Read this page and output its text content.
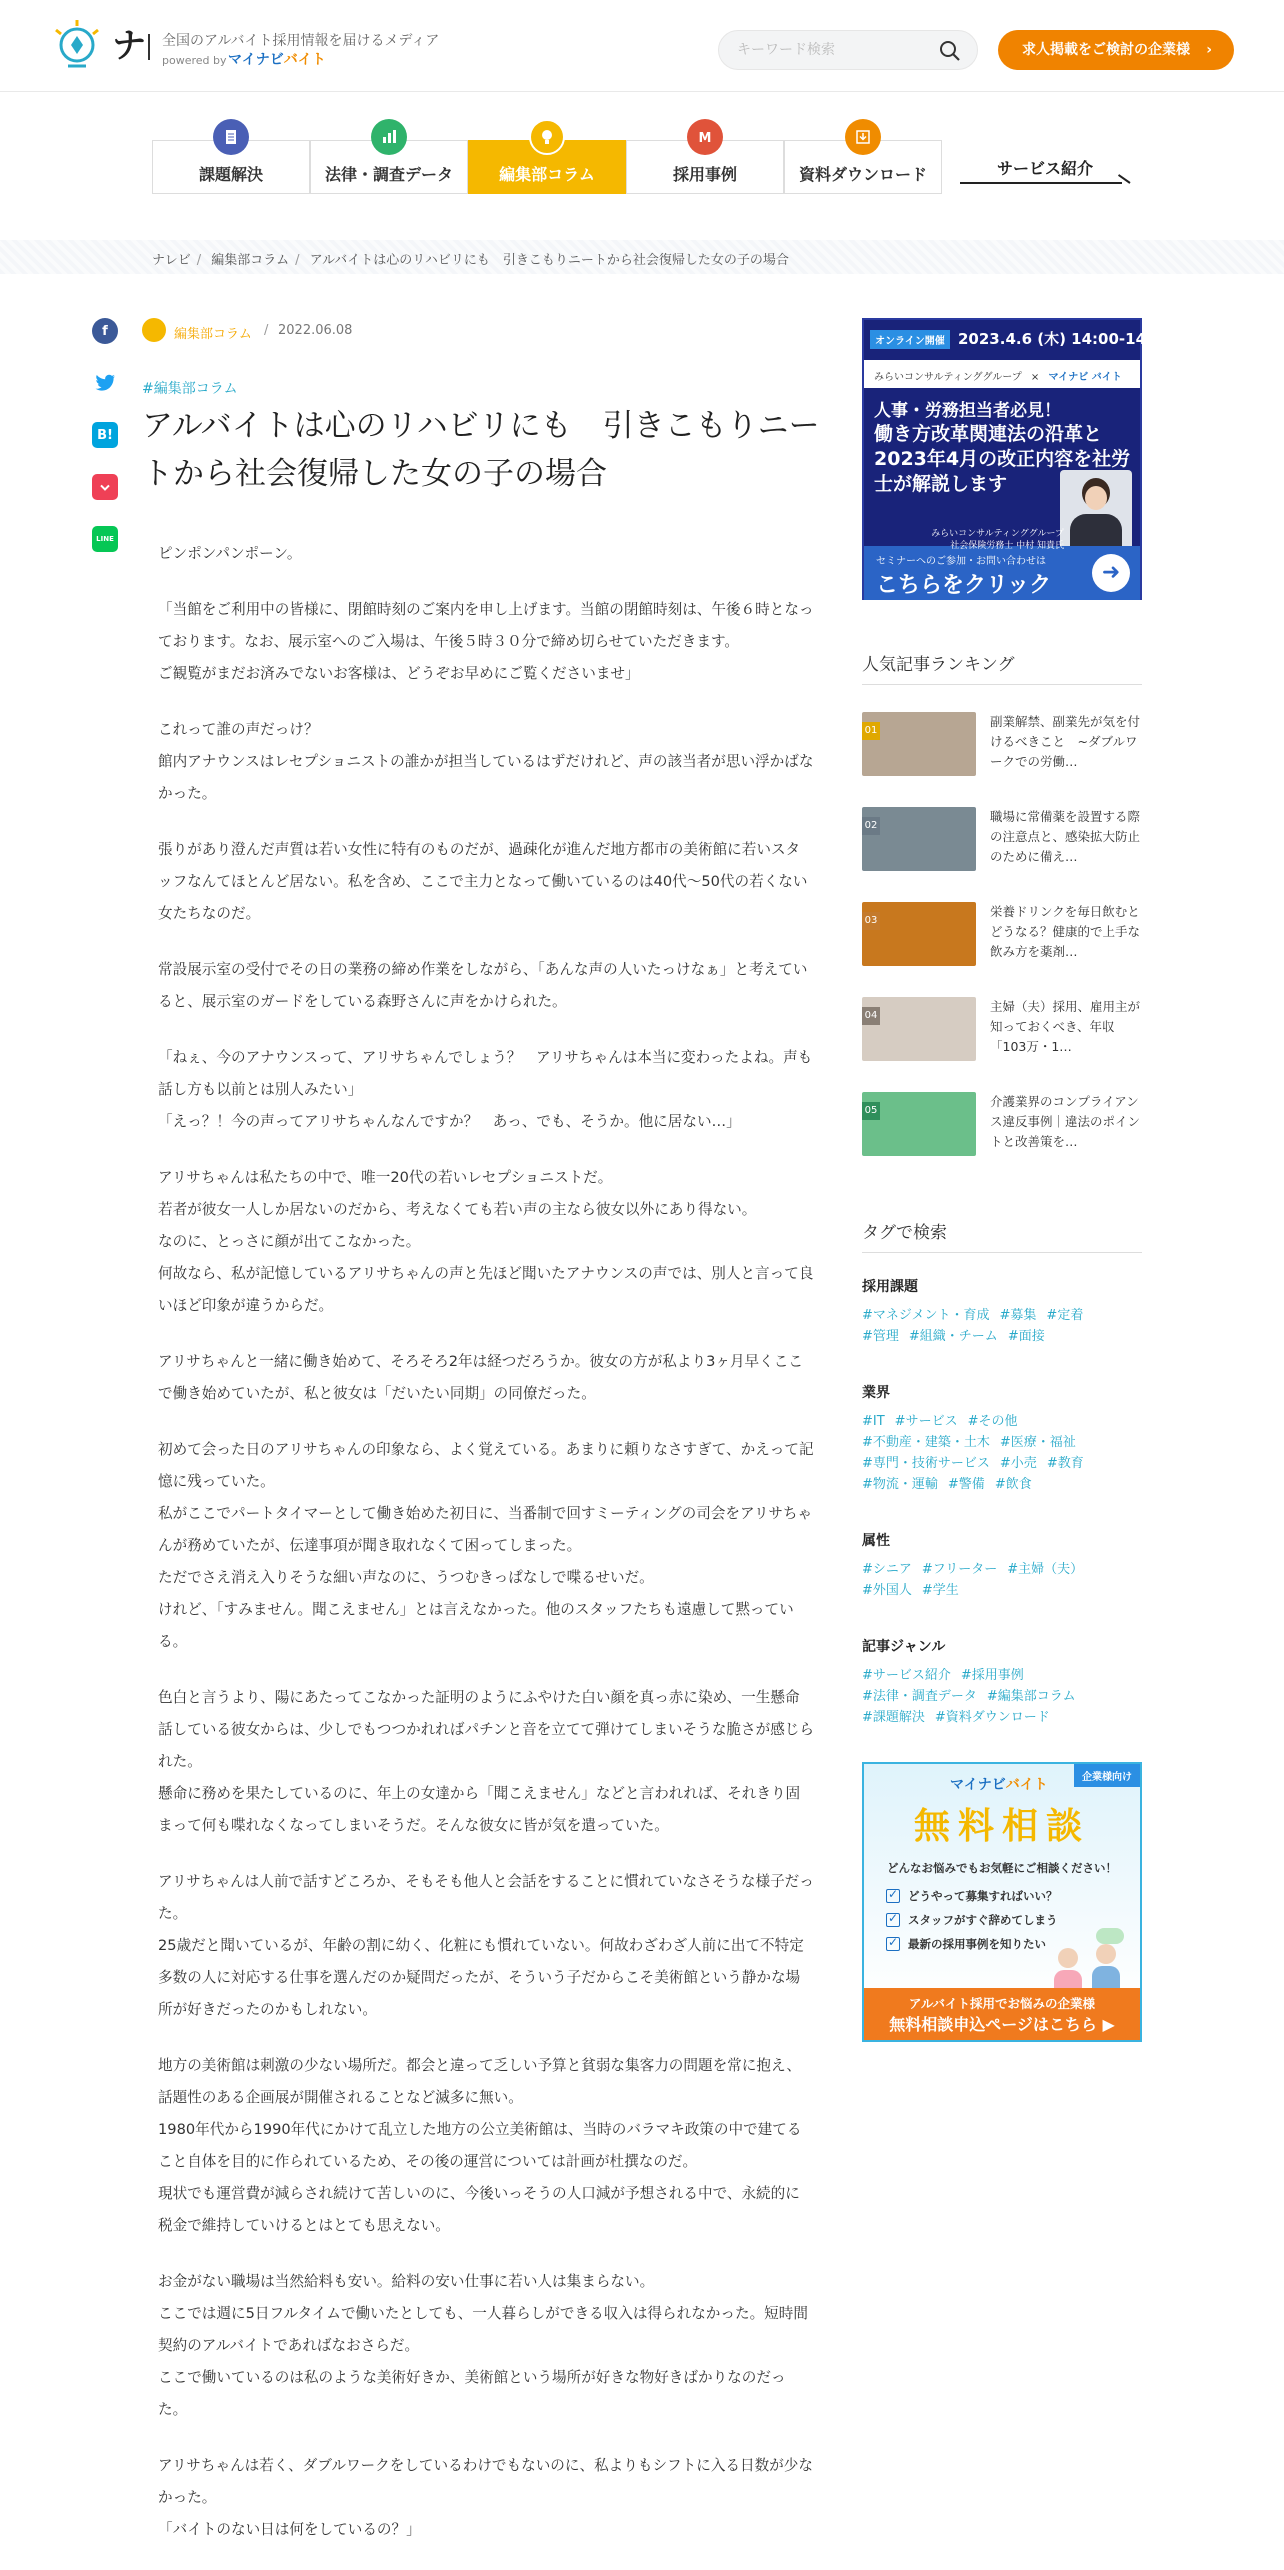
ナ 全国のアルバイト採用情報を届けるメディア
powered by マイナビバイト
キーワード検索
求人掲載をご検討の企業様 ›
課題解決	法律・調査データ	編集部コラム
M
採用事例	資料ダウンロード	サービス紹介
ナレビ / 編集部コラム / アルバイトは心のリハビリにも　引きこもりニートから社会復帰した女の子の場合
f
B!
LINE
編集部コラム / 2022.06.08
#編集部コラム
アルバイトは心のリハビリにも　引きこもりニートから社会復帰した女の子の場合

ピンポンパンポーン。

「当館をご利用中の皆様に、閉館時刻のご案内を申し上げます。当館の閉館時刻は、午後６時となっております。なお、展示室へのご入場は、午後５時３０分で締め切らせていただきます。
ご観覧がまだお済みでないお客様は、どうぞお早めにご覧くださいませ」

これって誰の声だっけ？
館内アナウンスはレセプショニストの誰かが担当しているはずだけれど、声の該当者が思い浮かばなかった。

張りがあり澄んだ声質は若い女性に特有のものだが、過疎化が進んだ地方都市の美術館に若いスタッフなんてほとんど居ない。私を含め、ここで主力となって働いているのは40代〜50代の若くない女たちなのだ。

常設展示室の受付でその日の業務の締め作業をしながら、「あんな声の人いたっけなぁ」と考えていると、展示室のガードをしている森野さんに声をかけられた。

「ねぇ、今のアナウンスって、アリサちゃんでしょう？　アリサちゃんは本当に変わったよね。声も話し方も以前とは別人みたい」
「えっ？！今の声ってアリサちゃんなんですか？　あっ、でも、そうか。他に居ない…」

アリサちゃんは私たちの中で、唯一20代の若いレセプショニストだ。
若者が彼女一人しか居ないのだから、考えなくても若い声の主なら彼女以外にあり得ない。
なのに、とっさに顔が出てこなかった。
何故なら、私が記憶しているアリサちゃんの声と先ほど聞いたアナウンスの声では、別人と言って良いほど印象が違うからだ。

アリサちゃんと一緒に働き始めて、そろそろ2年は経つだろうか。彼女の方が私より3ヶ月早くここで働き始めていたが、私と彼女は「だいたい同期」の同僚だった。

初めて会った日のアリサちゃんの印象なら、よく覚えている。あまりに頼りなさすぎて、かえって記憶に残っていた。
私がここでパートタイマーとして働き始めた初日に、当番制で回すミーティングの司会をアリサちゃんが務めていたが、伝達事項が聞き取れなくて困ってしまった。
ただでさえ消え入りそうな細い声なのに、うつむきっぱなしで喋るせいだ。
けれど、「すみません。聞こえません」とは言えなかった。他のスタッフたちも遠慮して黙っている。

色白と言うより、陽にあたってこなかった証明のようにふやけた白い顔を真っ赤に染め、一生懸命話している彼女からは、少しでもつつかれればパチンと音を立てて弾けてしまいそうな脆さが感じられた。
懸命に務めを果たしているのに、年上の女達から「聞こえません」などと言われれば、それきり固まって何も喋れなくなってしまいそうだ。そんな彼女に皆が気を遣っていた。

アリサちゃんは人前で話すどころか、そもそも他人と会話をすることに慣れていなさそうな様子だった。
25歳だと聞いているが、年齢の割に幼く、化粧にも慣れていない。何故わざわざ人前に出て不特定多数の人に対応する仕事を選んだのか疑問だったが、そういう子だからこそ美術館という静かな場所が好きだったのかもしれない。

地方の美術館は刺激の少ない場所だ。都会と違って乏しい予算と貧弱な集客力の問題を常に抱え、話題性のある企画展が開催されることなど滅多に無い。
1980年代から1990年代にかけて乱立した地方の公立美術館は、当時のバラマキ政策の中で建てること自体を目的に作られているため、その後の運営については計画が杜撰なのだ。
現状でも運営費が減らされ続けて苦しいのに、今後いっそうの人口減が予想される中で、永続的に税金で維持していけるとはとても思えない。

お金がない職場は当然給料も安い。給料の安い仕事に若い人は集まらない。
ここでは週に5日フルタイムで働いたとしても、一人暮らしができる収入は得られなかった。短時間契約のアルバイトであればなおさらだ。
ここで働いているのは私のような美術好きか、美術館という場所が好きな物好きばかりなのだった。

アリサちゃんは若く、ダブルワークをしているわけでもないのに、私よりもシフトに入る日数が少なかった。
「バイトのない日は何をしているの？」

オンライン開催 2023.4.6 (木) 14:00-14:30
みらいコンサルティンググループ × マイナビ バイト
人事・労務担当者必見！
働き方改革関連法の沿革と2023年4月の改正内容を社労士が解説します
セミナーへのご参加・お問い合わせは
こちらをクリック
➜
みらいコンサルティンググループ 社会保険労務士 中村 知貴氏
人気記事ランキング
01
副業解禁、副業先が気を付けるべきこと　~ダブルワークでの労働…
02
職場に常備薬を設置する際の注意点と、感染拡大防止のために備え…
03
栄養ドリンクを毎日飲むとどうなる？健康的で上手な飲み方を薬剤…
04
主婦（夫）採用、雇用主が知っておくべき、年収「103万・1…
05
介護業界のコンプライアンス違反事例｜違法のポイントと改善策を…
タグで検索
採用課題
#マネジメント・育成 #募集 #定着
#管理 #組織・チーム #面接
業界
#IT #サービス #その他
#不動産・建築・土木 #医療・福祉
#専門・技術サービス #小売 #教育
#物流・運輸 #警備 #飲食
属性
#シニア #フリーター #主婦（夫）
#外国人 #学生
記事ジャンル
#サービス紹介 #採用事例
#法律・調査データ #編集部コラム
#課題解決 #資料ダウンロード
マイナビバイト	企業様向け
無料相談
どんなお悩みでもお気軽にご相談ください！
✓どうやって募集すればいい？
✓スタッフがすぐ辞めてしまう
✓最新の採用事例を知りたい
アルバイト採用でお悩みの企業様
無料相談申込ページはこちら ▶
